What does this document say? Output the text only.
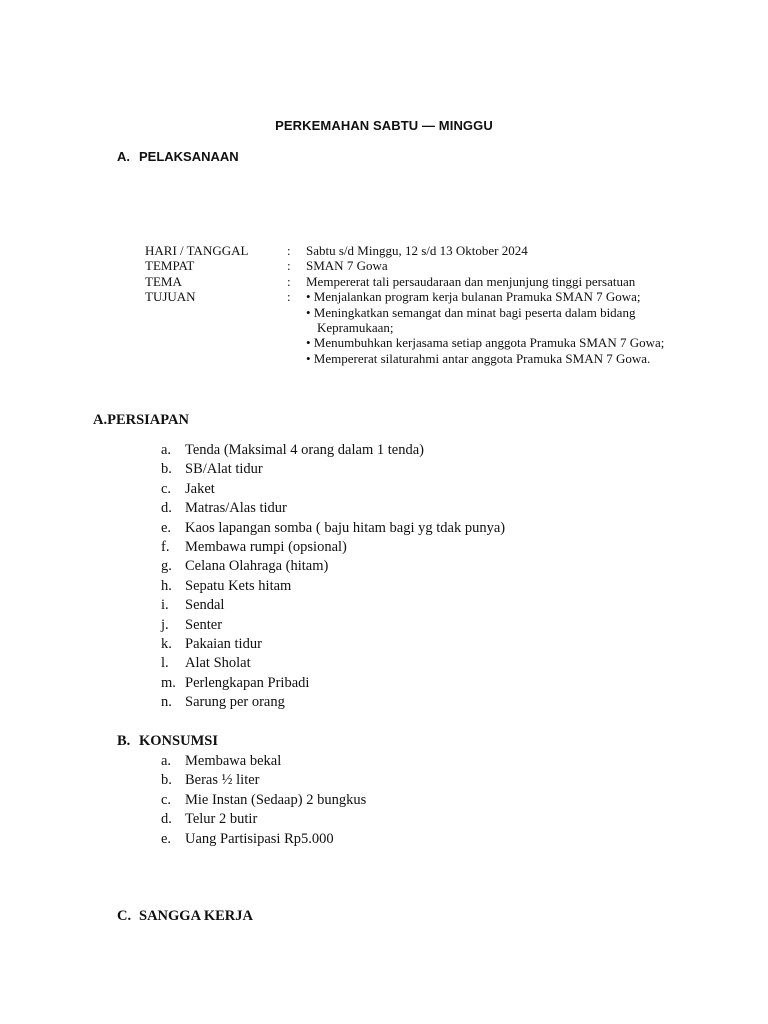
PERKEMAHAN SABTU — MINGGU
A. PELAKSANAAN
HARI / TANGGAL	:	Sabtu s/d Minggu, 12 s/d 13 Oktober 2024
TEMPAT	:	SMAN 7 Gowa
TEMA	:	Mempererat tali persaudaraan dan menjunjung tinggi persatuan
TUJUAN	:	• Menjalankan program kerja bulanan Pramuka SMAN 7 Gowa;
• Meningkatkan semangat dan minat bagi peserta dalam bidang
Kepramukaan;
• Menumbuhkan kerjasama setiap anggota Pramuka SMAN 7 Gowa;
• Mempererat silaturahmi antar anggota Pramuka SMAN 7 Gowa.
A.PERSIAPAN
a. Tenda (Maksimal 4 orang dalam 1 tenda)
b. SB/Alat tidur
c. Jaket
d. Matras/Alas tidur
e. Kaos lapangan somba ( baju hitam bagi yg tdak punya)
f.	Membawa rumpi (opsional)
g. Celana Olahraga (hitam)
h. Sepatu Kets hitam
i.	Sendal
j.	Senter
k. Pakaian tidur
l.	Alat Sholat
m. Perlengkapan Pribadi
n. Sarung per orang
B. KONSUMSI
a. Membawa bekal
b. Beras ½ liter
c. Mie Instan (Sedaap) 2 bungkus
d. Telur 2 butir
e. Uang Partisipasi Rp5.000
C. SANGGA KERJA
